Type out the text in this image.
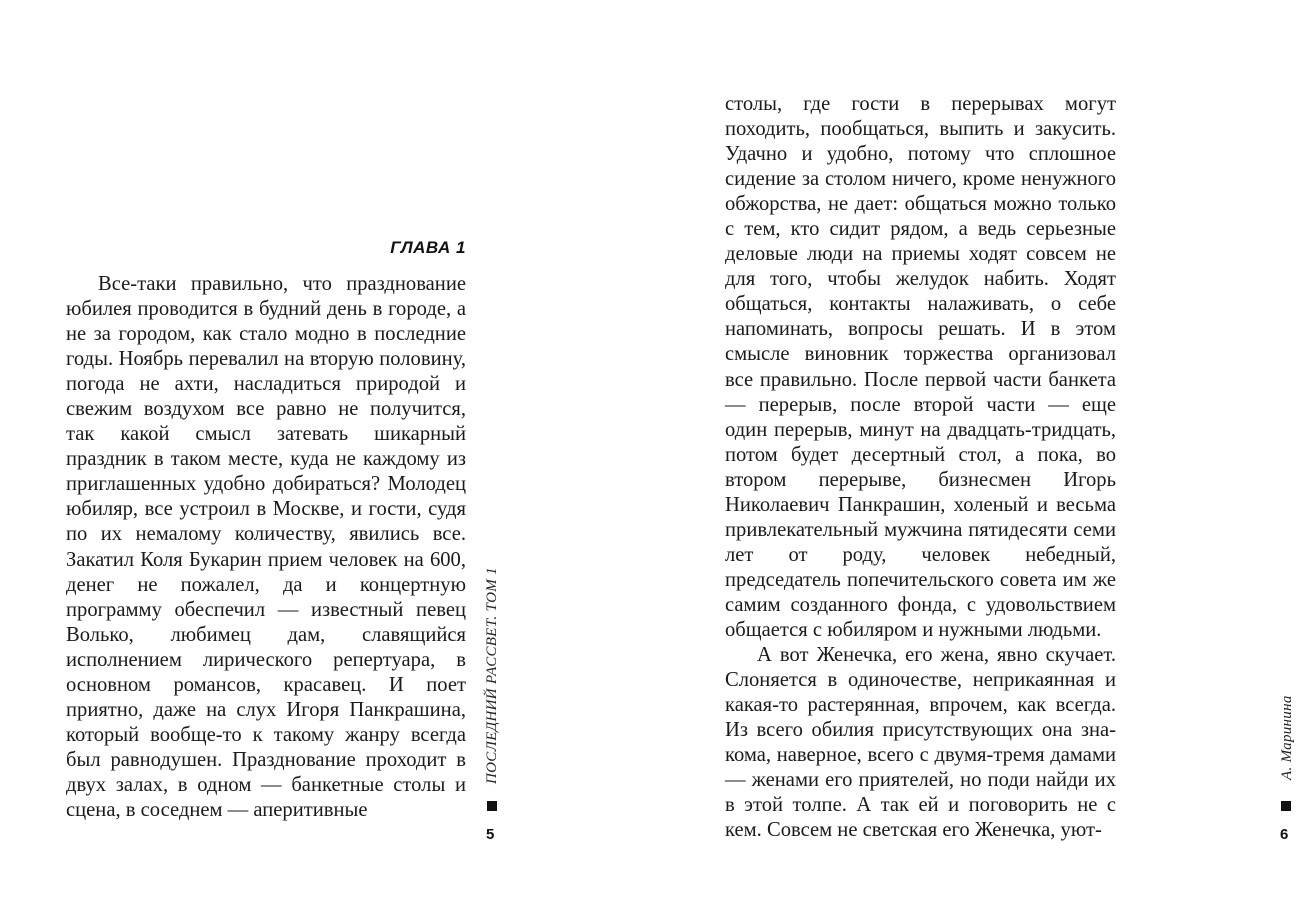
ГЛАВА 1

Все-таки правильно, что празднование юбилея проводится в будний день в городе, а не за городом, как стало модно в последние годы. Ноябрь перевалил на вторую половину, погода не ахти, насладиться природой и свежим воздухом все равно не получится, так какой смысл затевать шикарный праздник в таком месте, куда не каждому из приглашенных удобно добираться? Молодец юбиляр, все устроил в Москве, и гости, судя по их немалому количеству, явились все. Закатил Коля Букарин прием человек на 600, денег не пожалел, да и концертную программу обеспечил — известный певец Волько, любимец дам, славящийся исполнением лирического репертуара, в основном романсов, красавец. И поет приятно, даже на слух Игоря Панкрашина, который вообще-то к такому жанру всегда был равнодушен. Празднование проходит в двух залах, в одном — банкетные столы и сцена, в соседнем — аперитивные

ПОСЛЕДНИЙ РАССВЕТ. ТОМ 1
5

столы, где гости в перерывах могут походить, пообщаться, выпить и закусить. Удачно и удобно, потому что сплошное сидение за столом ничего, кроме ненужного обжорства, не дает: общаться можно только с тем, кто сидит рядом, а ведь серьезные деловые люди на приемы ходят совсем не для того, чтобы желудок набить. Ходят общаться, контакты налаживать, о себе напоминать, вопросы решать. И в этом смысле виновник торжества организовал все правильно. После первой части банкета — перерыв, после второй части — еще один перерыв, минут на двадцать-тридцать, потом будет десертный стол, а пока, во втором перерыве, бизнесмен Игорь Николаевич Панкрашин, холеный и весьма привлекательный мужчина пятидесяти семи лет от роду, человек небедный, председатель попечительского совета им же самим созданного фонда, с удовольствием общается с юбиляром и нужными людьми.

А вот Женечка, его жена, явно скучает. Слоняется в одиночестве, неприкаянная и какая-то растерянная, впрочем, как всегда. Из всего обилия присутствующих она знакома, наверное, всего с двумя-тремя дамами — женами его приятелей, но поди найди их в этой толпе. А так ей и поговорить не с кем. Совсем не светская его Женечка, уют-

А. Маринина
6
